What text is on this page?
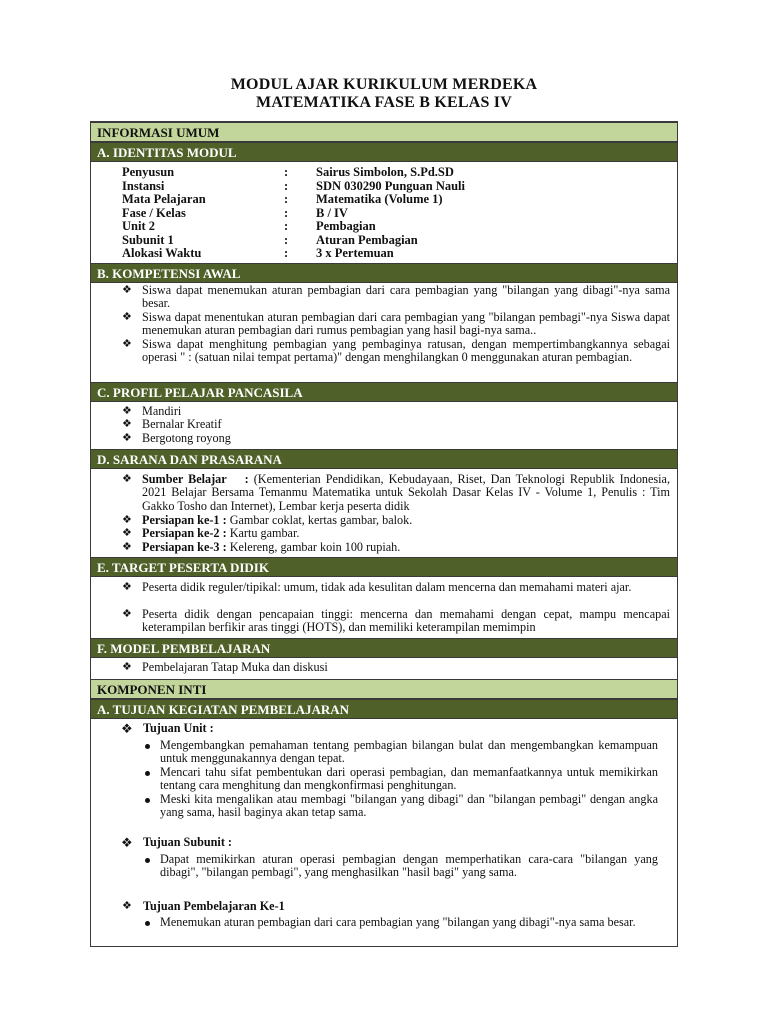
MODUL AJAR KURIKULUM MERDEKA
MATEMATIKA FASE B KELAS IV
INFORMASI UMUM
A. IDENTITAS MODUL
Penyusun	: Sairus Simbolon, S.Pd.SD
Instansi	: SDN 030290 Punguan Nauli
Mata Pelajaran	: Matematika (Volume 1)
Fase / Kelas	: B / IV
Unit 2	: Pembagian
Subunit 1	: Aturan Pembagian
Alokasi Waktu	: 3 x Pertemuan
B. KOMPETENSI AWAL
❖ Siswa dapat menemukan aturan pembagian dari cara pembagian yang "bilangan yang dibagi"-nya sama besar.
❖ Siswa dapat menentukan aturan pembagian dari cara pembagian yang "bilangan pembagi"-nya Siswa dapat menemukan aturan pembagian dari rumus pembagian yang hasil bagi-nya sama..
❖ Siswa dapat menghitung pembagian yang pembaginya ratusan, dengan mempertimbangkannya sebagai operasi " : (satuan nilai tempat pertama)" dengan menghilangkan 0 menggunakan aturan pembagian.
C. PROFIL PELAJAR PANCASILA
❖ Mandiri
❖ Bernalar Kreatif
❖ Bergotong royong
D. SARANA DAN PRASARANA
❖ Sumber Belajar : (Kementerian Pendidikan, Kebudayaan, Riset, Dan Teknologi Republik Indonesia, 2021 Belajar Bersama Temanmu Matematika untuk Sekolah Dasar Kelas IV - Volume 1, Penulis : Tim Gakko Tosho dan Internet), Lembar kerja peserta didik
❖ Persiapan ke-1 : Gambar coklat, kertas gambar, balok.
❖ Persiapan ke-2 : Kartu gambar.
❖ Persiapan ke-3 : Kelereng, gambar koin 100 rupiah.
E. TARGET PESERTA DIDIK
❖ Peserta didik reguler/tipikal: umum, tidak ada kesulitan dalam mencerna dan memahami materi ajar.
❖ Peserta didik dengan pencapaian tinggi: mencerna dan memahami dengan cepat, mampu mencapai keterampilan berfikir aras tinggi (HOTS), dan memiliki keterampilan memimpin
F. MODEL PEMBELAJARAN
❖ Pembelajaran Tatap Muka dan diskusi
KOMPONEN INTI
A. TUJUAN KEGIATAN PEMBELAJARAN
❖ Tujuan Unit :
Mengembangkan pemahaman tentang pembagian bilangan bulat dan mengembangkan kemampuan untuk menggunakannya dengan tepat.
Mencari tahu sifat pembentukan dari operasi pembagian, dan memanfaatkannya untuk memikirkan tentang cara menghitung dan mengkonfirmasi penghitungan.
Meski kita mengalikan atau membagi "bilangan yang dibagi" dan "bilangan pembagi" dengan angka yang sama, hasil baginya akan tetap sama.
❖ Tujuan Subunit :
Dapat memikirkan aturan operasi pembagian dengan memperhatikan cara-cara "bilangan yang dibagi", "bilangan pembagi", yang menghasilkan "hasil bagi" yang sama.
❖ Tujuan Pembelajaran Ke-1
Menemukan aturan pembagian dari cara pembagian yang "bilangan yang dibagi"-nya sama besar.
